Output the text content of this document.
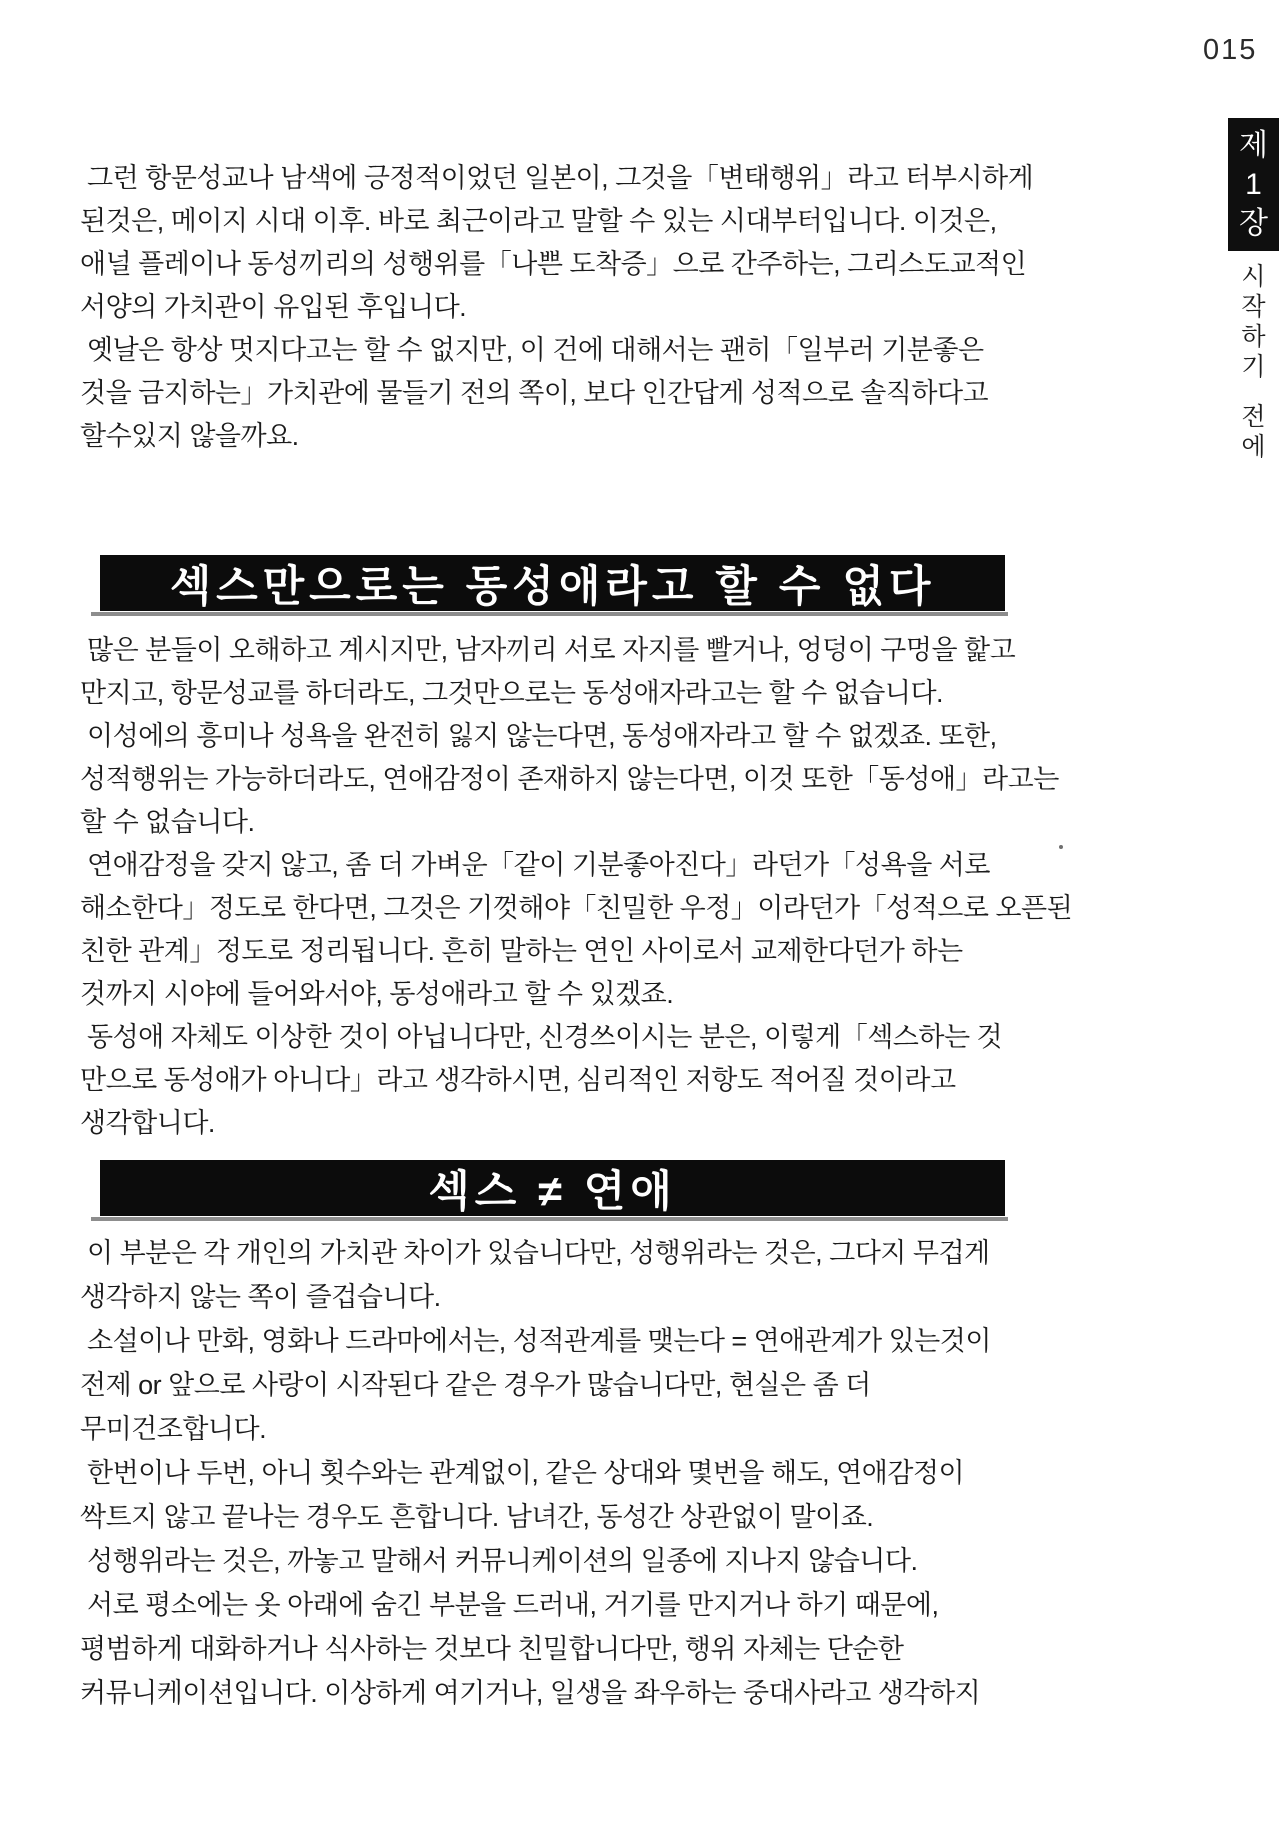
015
제
1
장
시
작
하
기
전
에
그런 항문성교나 남색에 긍정적이었던 일본이, 그것을「변태행위」라고 터부시하게
된것은, 메이지 시대 이후. 바로 최근이라고 말할 수 있는 시대부터입니다. 이것은,
애널 플레이나 동성끼리의 성행위를「나쁜 도착증」으로 간주하는, 그리스도교적인
서양의 가치관이 유입된 후입니다.
옛날은 항상 멋지다고는 할 수 없지만, 이 건에 대해서는 괜히「일부러 기분좋은
것을 금지하는」가치관에 물들기 전의 쪽이, 보다 인간답게 성적으로 솔직하다고
할수있지 않을까요.
섹스만으로는 동성애라고 할 수 없다
많은 분들이 오해하고 계시지만, 남자끼리 서로 자지를 빨거나, 엉덩이 구멍을 핥고
만지고, 항문성교를 하더라도, 그것만으로는 동성애자라고는 할 수 없습니다.
이성에의 흥미나 성욕을 완전히 잃지 않는다면, 동성애자라고 할 수 없겠죠. 또한,
성적행위는 가능하더라도, 연애감정이 존재하지 않는다면, 이것 또한「동성애」라고는
할 수 없습니다.
연애감정을 갖지 않고, 좀 더 가벼운「같이 기분좋아진다」라던가「성욕을 서로
해소한다」정도로 한다면, 그것은 기껏해야「친밀한 우정」이라던가「성적으로 오픈된
친한 관계」정도로 정리됩니다. 흔히 말하는 연인 사이로서 교제한다던가 하는
것까지 시야에 들어와서야, 동성애라고 할 수 있겠죠.
동성애 자체도 이상한 것이 아닙니다만, 신경쓰이시는 분은, 이렇게「섹스하는 것
만으로 동성애가 아니다」라고 생각하시면, 심리적인 저항도 적어질 것이라고
생각합니다.
섹스 ≠ 연애
이 부분은 각 개인의 가치관 차이가 있습니다만, 성행위라는 것은, 그다지 무겁게
생각하지 않는 쪽이 즐겁습니다.
소설이나 만화, 영화나 드라마에서는, 성적관계를 맺는다 = 연애관계가 있는것이
전제 or 앞으로 사랑이 시작된다 같은 경우가 많습니다만, 현실은 좀 더
무미건조합니다.
한번이나 두번, 아니 횟수와는 관계없이, 같은 상대와 몇번을 해도, 연애감정이
싹트지 않고 끝나는 경우도 흔합니다. 남녀간, 동성간 상관없이 말이죠.
성행위라는 것은, 까놓고 말해서 커뮤니케이션의 일종에 지나지 않습니다.
서로 평소에는 옷 아래에 숨긴 부분을 드러내, 거기를 만지거나 하기 때문에,
평범하게 대화하거나 식사하는 것보다 친밀합니다만, 행위 자체는 단순한
커뮤니케이션입니다. 이상하게 여기거나, 일생을 좌우하는 중대사라고 생각하지
